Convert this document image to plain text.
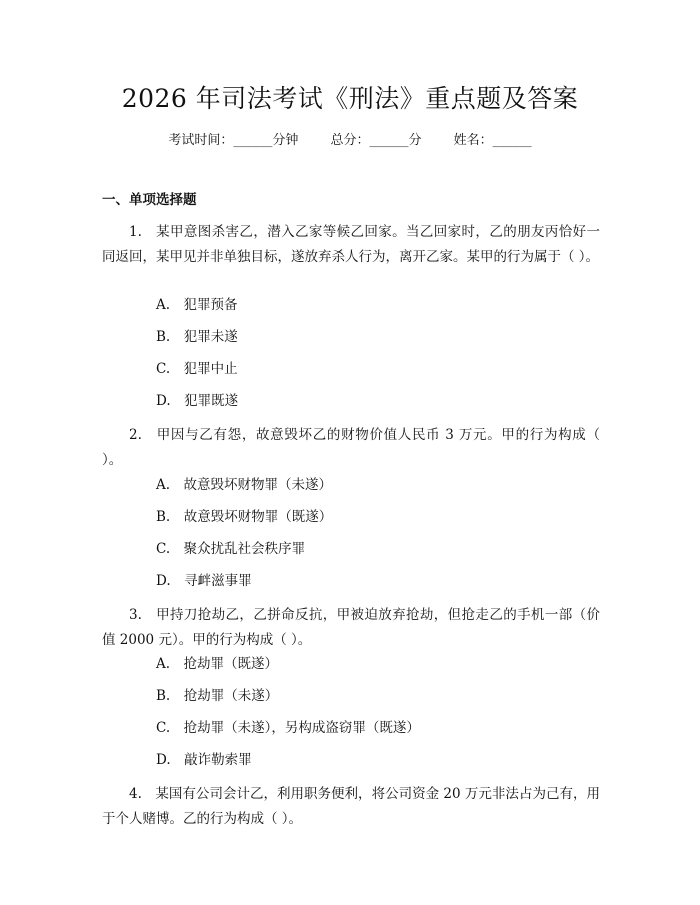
2026 年司法考试《刑法》重点题及答案
考试时间：______分钟 总分：______分 姓名：______
一、单项选择题
1.　某甲意图杀害乙，潜入乙家等候乙回家。当乙回家时，乙的朋友丙恰好一同返回，某甲见并非单独目标，遂放弃杀人行为，离开乙家。某甲的行为属于（ ）。
A.　犯罪预备
B.　犯罪未遂
C.　犯罪中止
D.　犯罪既遂
2.　甲因与乙有怨，故意毁坏乙的财物价值人民币 3 万元。甲的行为构成（ ）。
A.　故意毁坏财物罪（未遂）
B.　故意毁坏财物罪（既遂）
C.　聚众扰乱社会秩序罪
D.　寻衅滋事罪
3.　甲持刀抢劫乙，乙拼命反抗，甲被迫放弃抢劫，但抢走乙的手机一部（价值 2000 元）。甲的行为构成（ ）。
A.　抢劫罪（既遂）
B.　抢劫罪（未遂）
C.　抢劫罪（未遂），另构成盗窃罪（既遂）
D.　敲诈勒索罪
4.　某国有公司会计乙，利用职务便利，将公司资金 20 万元非法占为己有，用于个人赌博。乙的行为构成（ ）。
